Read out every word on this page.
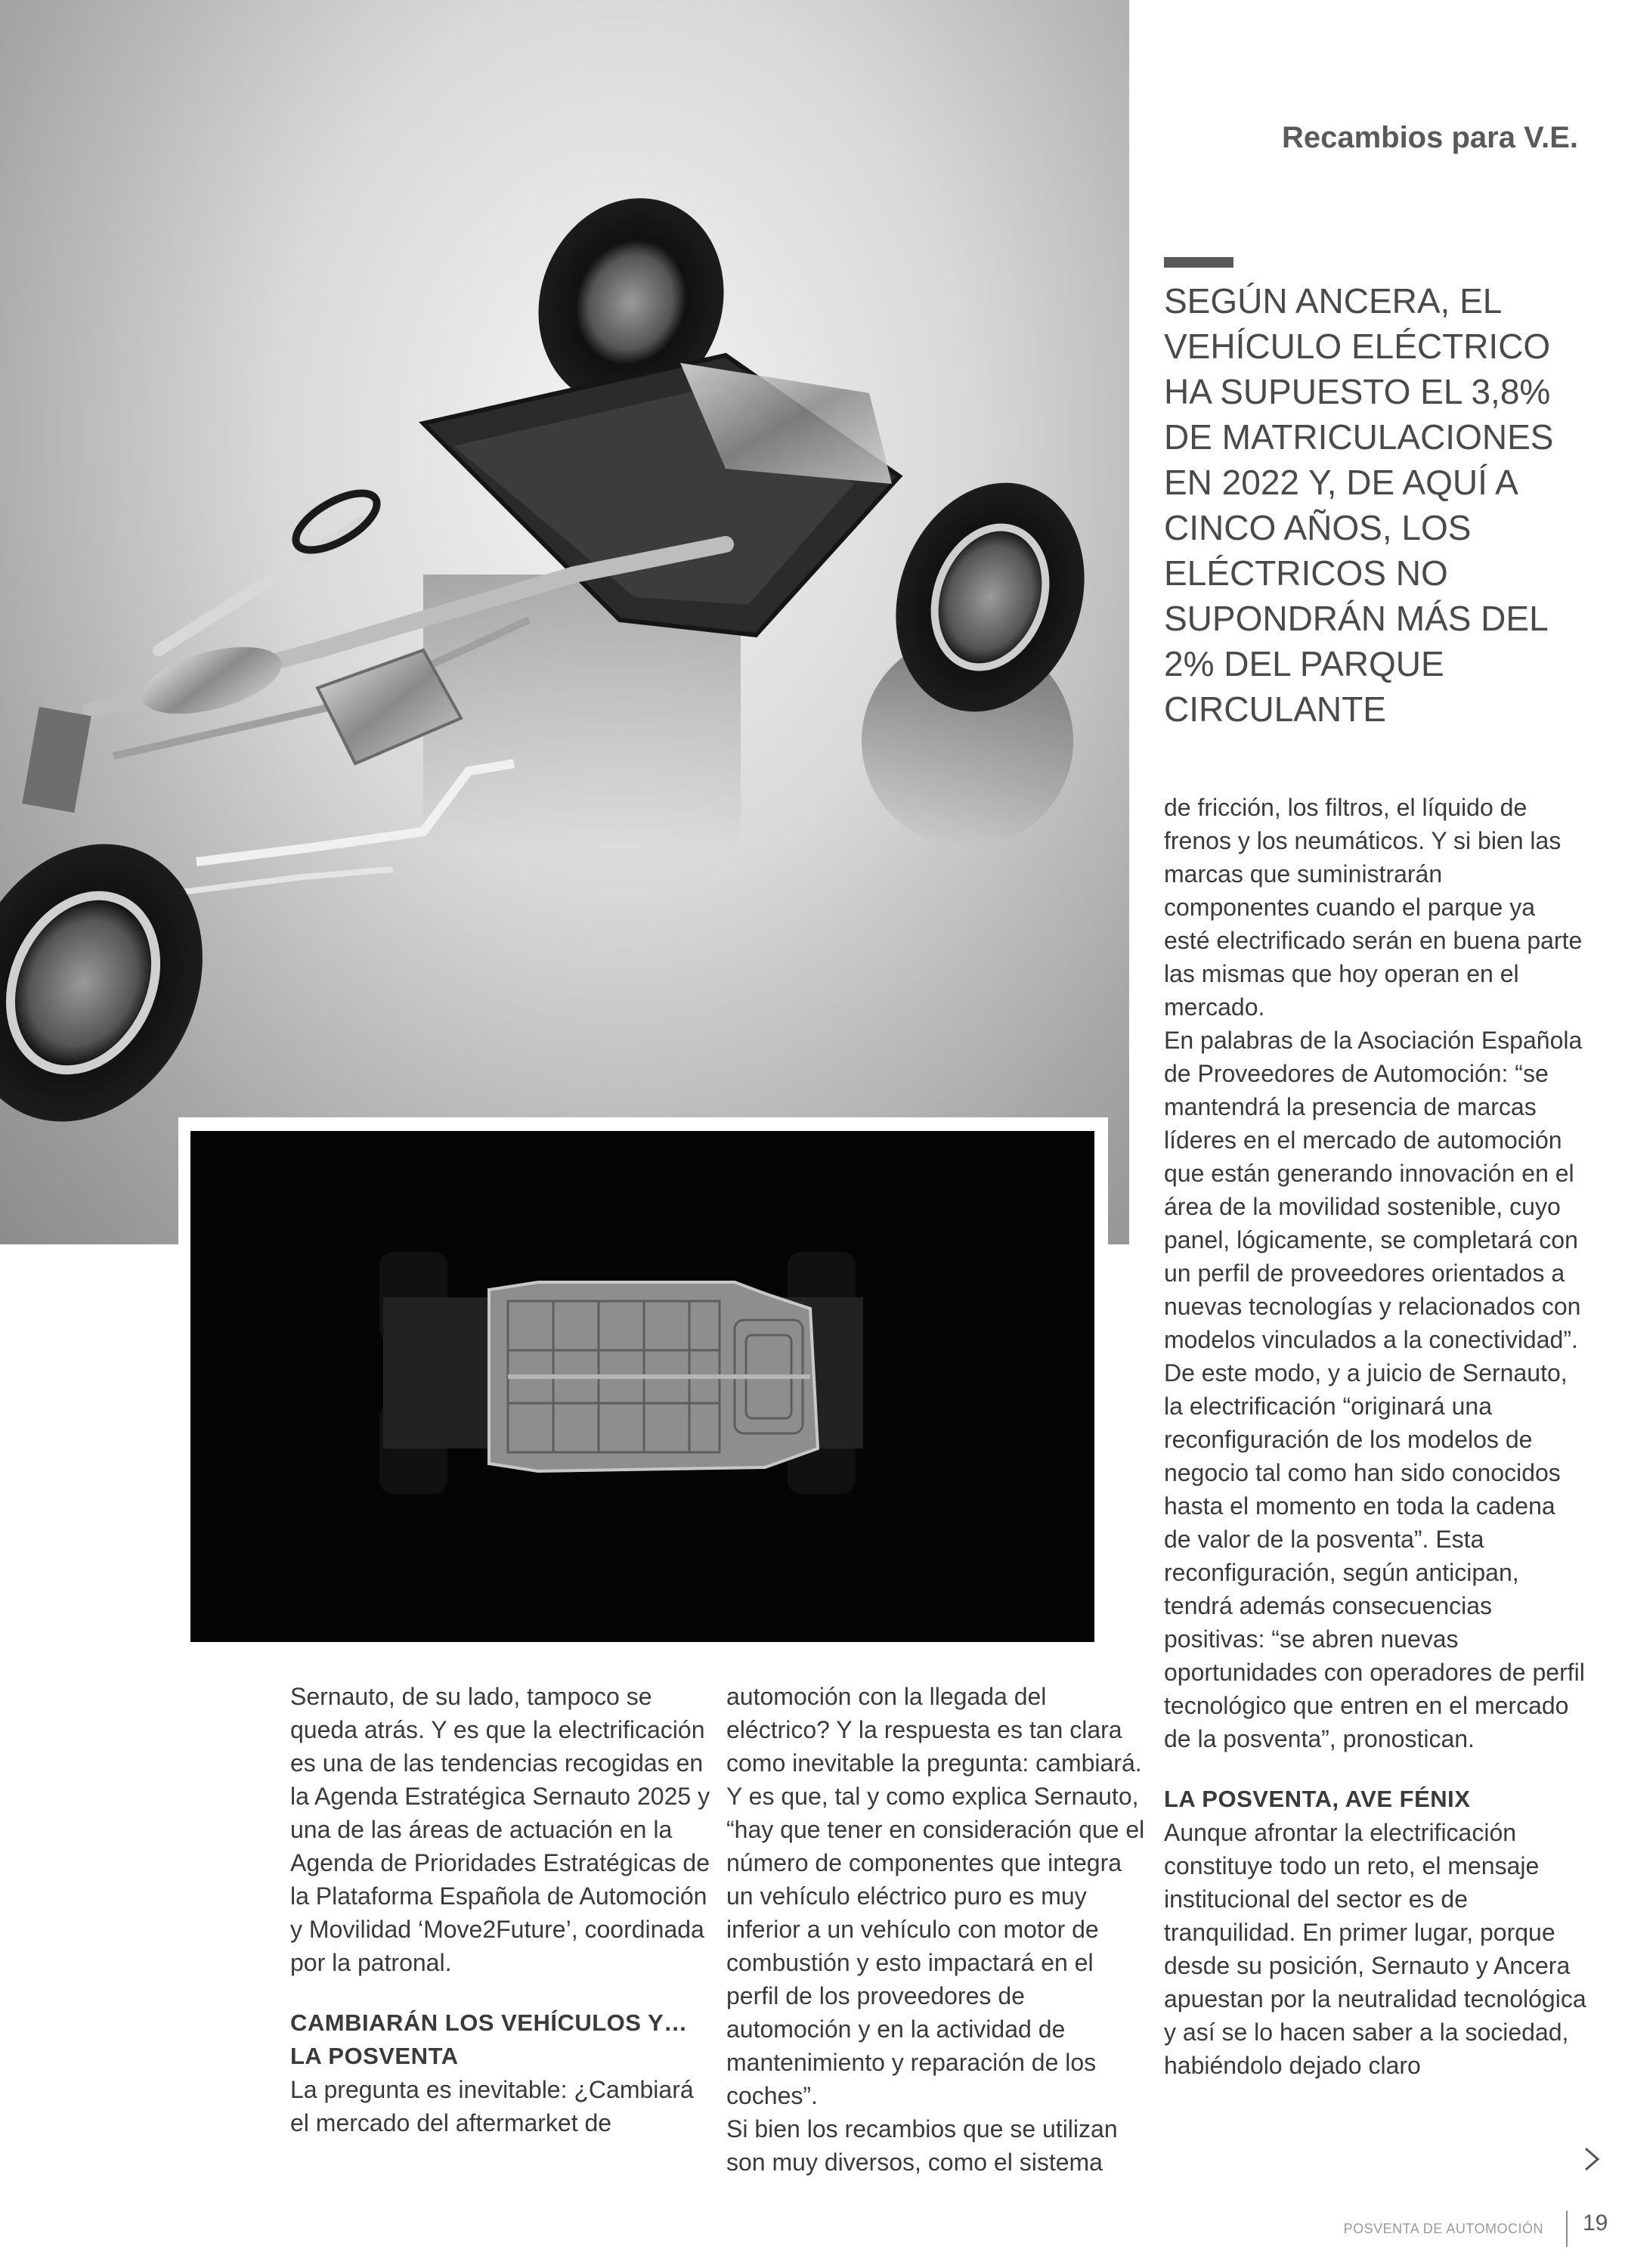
Recambios para V.E.
SEGÚN ANCERA, EL VEHÍCULO ELÉCTRICO HA SUPUESTO EL 3,8% DE MATRICULACIONES EN 2022 Y, DE AQUÍ A CINCO AÑOS, LOS ELÉCTRICOS NO SUPONDRÁN MÁS DEL 2% DEL PARQUE CIRCULANTE

Sernauto, de su lado, tampoco se queda atrás. Y es que la electrificación es una de las tendencias recogidas en la Agenda Estratégica Sernauto 2025 y una de las áreas de actuación en la Agenda de Prioridades Estratégicas de la Plataforma Española de Automoción y Movilidad ‘Move2Future’, coordinada por la patronal.

CAMBIARÁN LOS VEHÍCULOS Y… LA POSVENTA

La pregunta es inevitable: ¿Cambiará el mercado del aftermarket de

automoción con la llegada del eléctrico? Y la respuesta es tan clara como inevitable la pregunta: cambiará. Y es que, tal y como explica Sernauto, “hay que tener en consideración que el número de componentes que integra un vehículo eléctrico puro es muy inferior a un vehículo con motor de combustión y esto impactará en el perfil de los proveedores de automoción y en la actividad de mantenimiento y reparación de los coches”.

Si bien los recambios que se utilizan son muy diversos, como el sistema

de fricción, los filtros, el líquido de frenos y los neumáticos. Y si bien las marcas que suministrarán componentes cuando el parque ya esté electrificado serán en buena parte las mismas que hoy operan en el mercado.

En palabras de la Asociación Española de Proveedores de Automoción: “se mantendrá la presencia de marcas líderes en el mercado de automoción que están generando innovación en el área de la movilidad sostenible, cuyo panel, lógicamente, se completará con un perfil de proveedores orientados a nuevas tecnologías y relacionados con modelos vinculados a la conectividad”.

De este modo, y a juicio de Sernauto, la electrificación “originará una reconfiguración de los modelos de negocio tal como han sido conocidos hasta el momento en toda la cadena de valor de la posventa”. Esta reconfiguración, según anticipan, tendrá además consecuencias positivas: “se abren nuevas oportunidades con operadores de perfil tecnológico que entren en el mercado de la posventa”, pronostican.

LA POSVENTA, AVE FÉNIX

Aunque afrontar la electrificación constituye todo un reto, el mensaje institucional del sector es de tranquilidad. En primer lugar, porque desde su posición, Sernauto y Ancera apuestan por la neutralidad tecnológica y así se lo hacen saber a la sociedad, habiéndolo dejado claro

POSVENTA DE AUTOMOCIÓN 19
